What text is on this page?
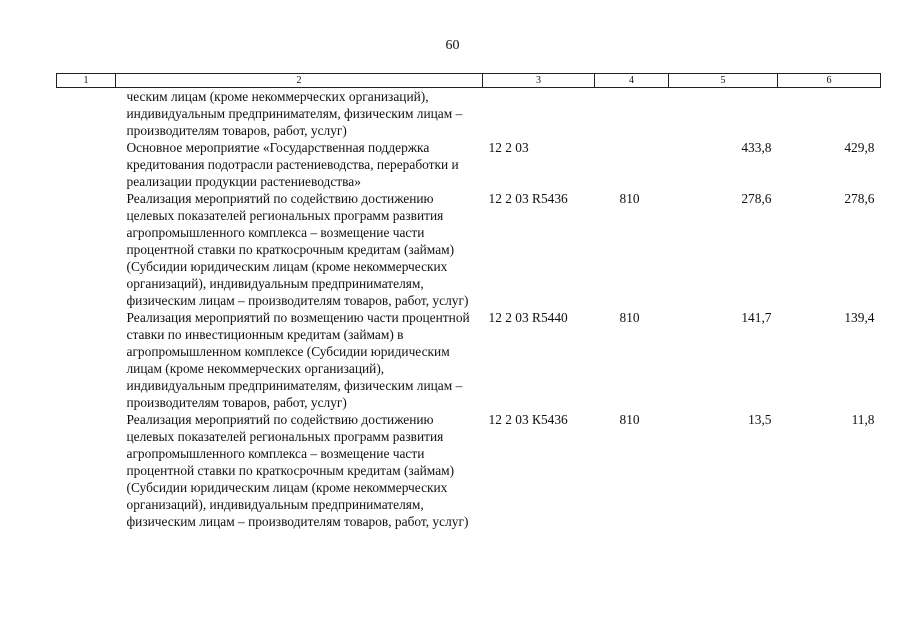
60
1	2	3	4	5	6
	ческим лицам (кроме некоммерческих организаций), индивидуальным предпринимателям, физическим лицам – производителям товаров, работ, услуг)				
	Основное мероприятие «Государственная поддержка кредитования подотрасли растениеводства, переработки и реализации продукции растениеводства»	12 2 03		433,8	429,8
	Реализация мероприятий по содействию достижению целевых показателей региональных программ развития агропромышленного комплекса – возмещение части процентной ставки по краткосрочным кредитам (займам) (Субсидии юридическим лицам (кроме некоммерческих организаций), индивидуальным предпринимателям, физическим лицам – производителям товаров, работ, услуг)	12 2 03 R5436	810	278,6	278,6
	Реализация мероприятий по возмещению части процентной ставки по инвестиционным кредитам (займам) в агропромышленном комплексе (Субсидии юридическим лицам (кроме некоммерческих организаций), индивидуальным предпринимателям, физическим лицам – производителям товаров, работ, услуг)	12 2 03 R5440	810	141,7	139,4
	Реализация мероприятий по содействию достижению целевых показателей региональных программ развития агропромышленного комплекса – возмещение части процентной ставки по краткосрочным кредитам (займам) (Субсидии юридическим лицам (кроме некоммерческих организаций), индивидуальным предпринимателям, физическим лицам – производителям товаров, работ, услуг)	12 2 03 К5436	810	13,5	11,8
